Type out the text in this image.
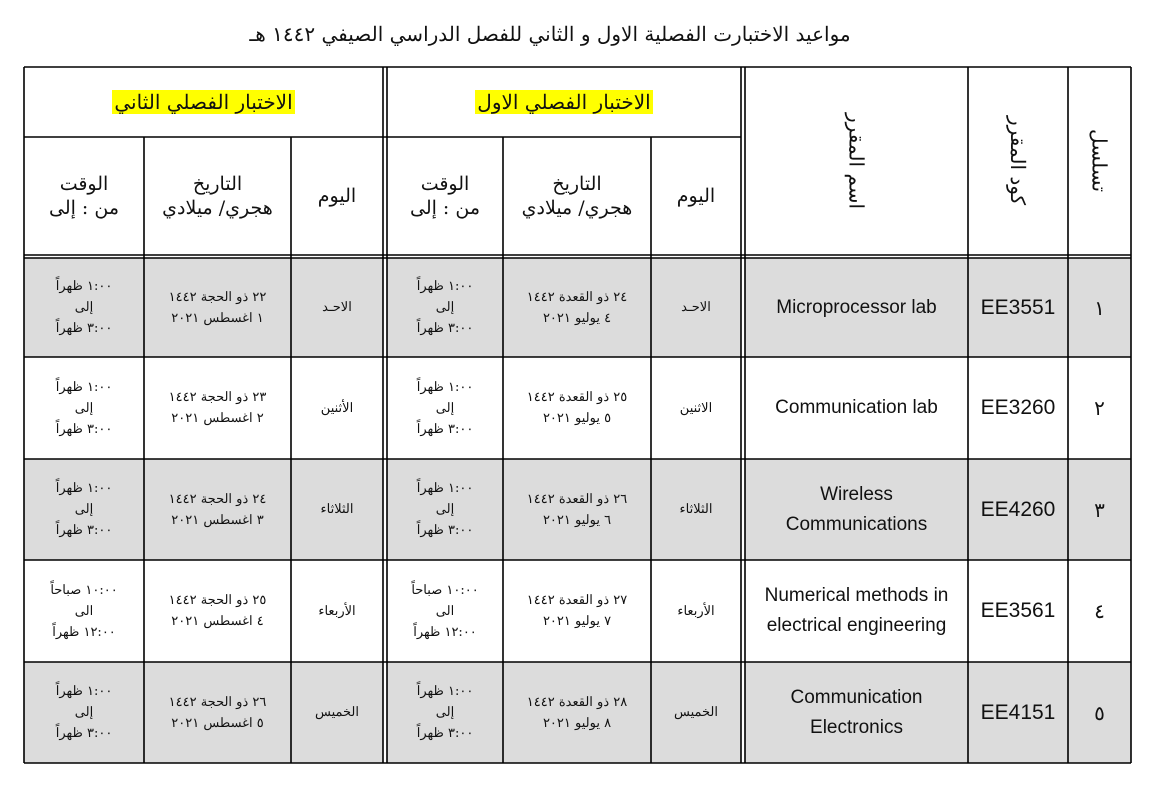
مواعيد الاختبارت الفصلية الاول و الثاني للفصل الدراسي الصيفي ١٤٤٢ هـ
تسلسل
كود المقرر
اسم المقرر
الاختبار الفصلي الاول
الاختبار الفصلي الثاني
اليوم
التاريخ
هجري/ ميلادي
الوقت
من : إلى
اليوم
التاريخ
هجري/ ميلادي
الوقت
من : إلى
١
EE3551
Microprocessor lab
الاحـد
٢٤ ذو القعدة ١٤٤٢
٤ يوليو ٢٠٢١
١:٠٠ ظهراً
إلى
٣:٠٠ ظهراً
الاحـد
٢٢ ذو الحجة ١٤٤٢
١ اغسطس ٢٠٢١
١:٠٠ ظهراً
إلى
٣:٠٠ ظهراً
٢
EE3260
Communication lab
الاثنين
٢٥ ذو القعدة ١٤٤٢
٥ يوليو ٢٠٢١
١:٠٠ ظهراً
إلى
٣:٠٠ ظهراً
الأثنين
٢٣ ذو الحجة ١٤٤٢
٢ اغسطس ٢٠٢١
١:٠٠ ظهراً
إلى
٣:٠٠ ظهراً
٣
EE4260
Wireless
Communications
الثلاثاء
٢٦ ذو القعدة ١٤٤٢
٦ يوليو ٢٠٢١
١:٠٠ ظهراً
إلى
٣:٠٠ ظهراً
الثلاثاء
٢٤ ذو الحجة ١٤٤٢
٣ اغسطس ٢٠٢١
١:٠٠ ظهراً
إلى
٣:٠٠ ظهراً
٤
EE3561
Numerical methods in
electrical engineering
الأربعاء
٢٧ ذو القعدة ١٤٤٢
٧ يوليو ٢٠٢١
١٠:٠٠ صباحاً
الى
١٢:٠٠ ظهراً
الأربعاء
٢٥ ذو الحجة ١٤٤٢
٤ اغسطس ٢٠٢١
١٠:٠٠ صباحاً
الى
١٢:٠٠ ظهراً
٥
EE4151
Communication
Electronics
الخميس
٢٨ ذو القعدة ١٤٤٢
٨ يوليو ٢٠٢١
١:٠٠ ظهراً
إلى
٣:٠٠ ظهراً
الخميس
٢٦ ذو الحجة ١٤٤٢
٥ اغسطس ٢٠٢١
١:٠٠ ظهراً
إلى
٣:٠٠ ظهراً
